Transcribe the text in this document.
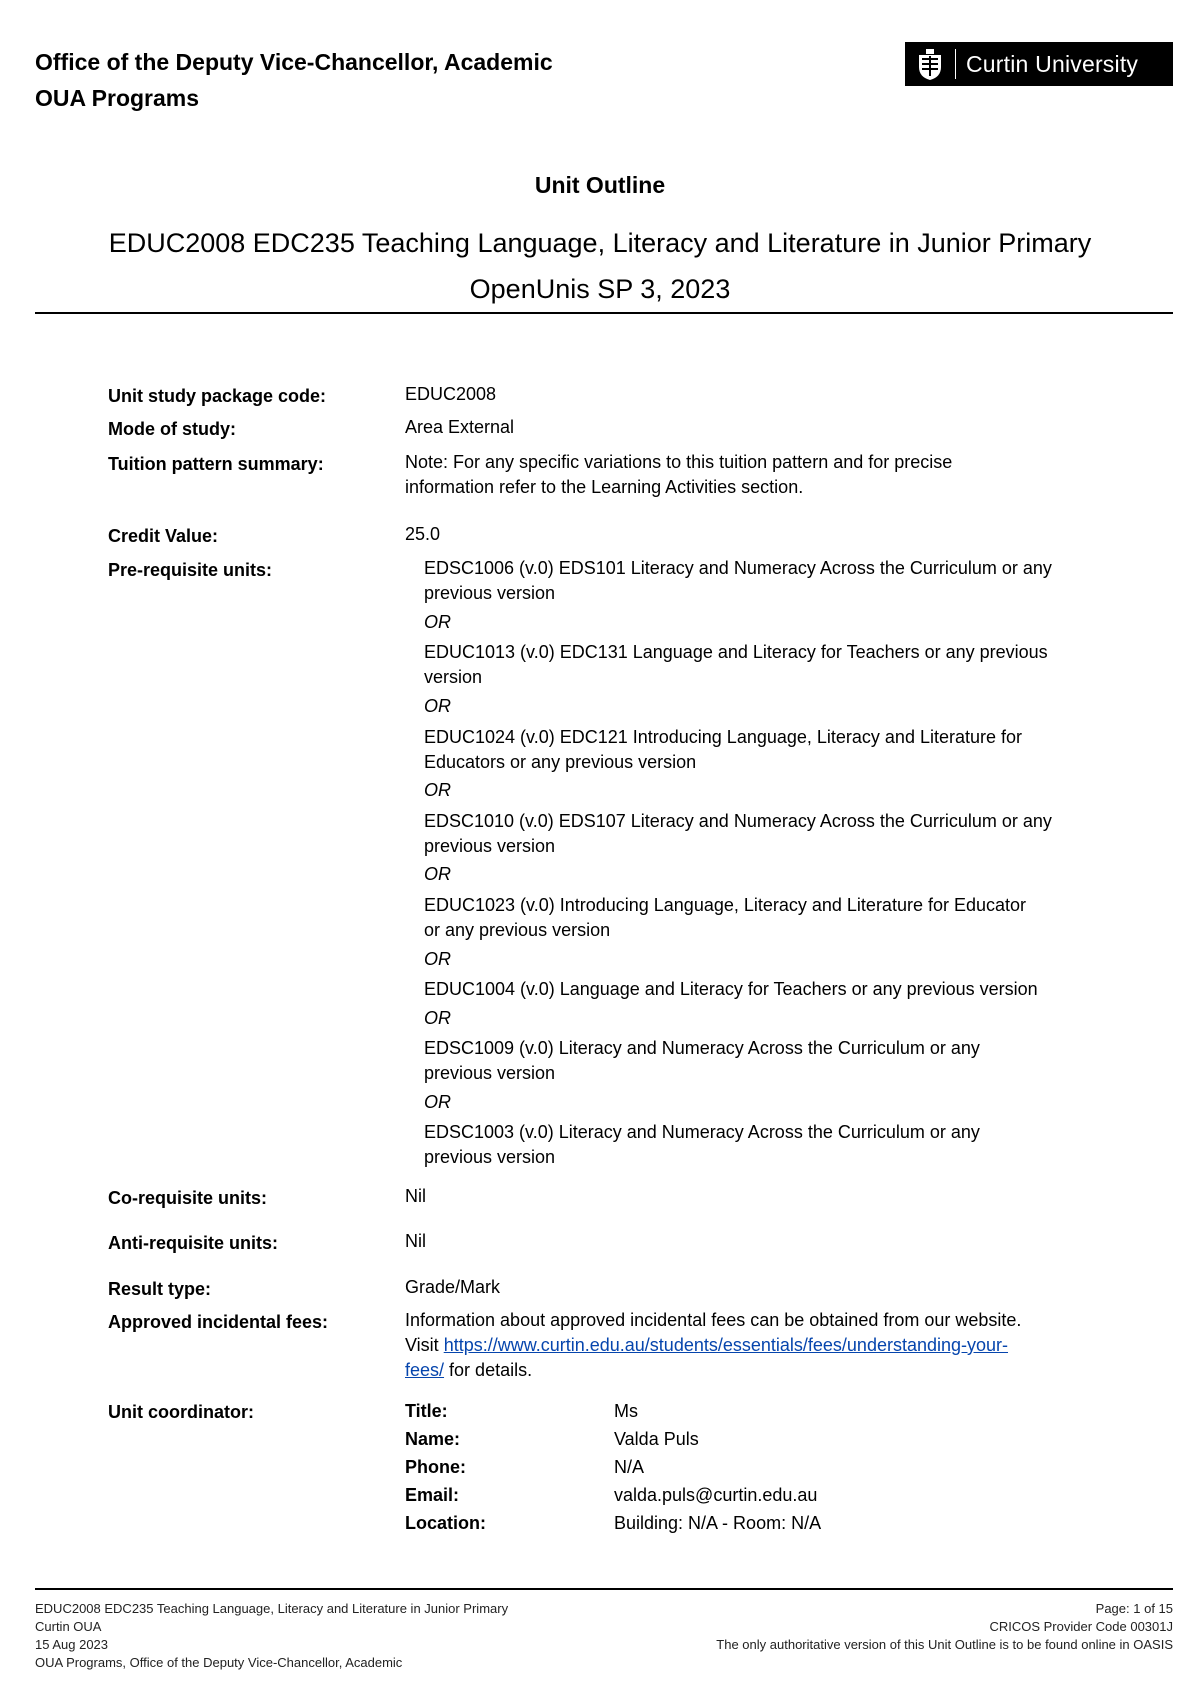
Office of the Deputy Vice-Chancellor, Academic
OUA Programs
Curtin University
Unit Outline
EDUC2008 EDC235 Teaching Language, Literacy and Literature in Junior Primary
OpenUnis SP 3, 2023
Unit study package code:	EDUC2008
Mode of study:	Area External
Tuition pattern summary:	Note: For any specific variations to this tuition pattern and for precise
information refer to the Learning Activities section.
Credit Value:	25.0
Pre-requisite units:	EDSC1006 (v.0) EDS101 Literacy and Numeracy Across the Curriculum or any
previous version
OR
EDUC1013 (v.0) EDC131 Language and Literacy for Teachers or any previous
version
OR
EDUC1024 (v.0) EDC121 Introducing Language, Literacy and Literature for
Educators or any previous version
OR
EDSC1010 (v.0) EDS107 Literacy and Numeracy Across the Curriculum or any
previous version
OR
EDUC1023 (v.0) Introducing Language, Literacy and Literature for Educator
or any previous version
OR
EDUC1004 (v.0) Language and Literacy for Teachers or any previous version
OR
EDSC1009 (v.0) Literacy and Numeracy Across the Curriculum or any
previous version
OR
EDSC1003 (v.0) Literacy and Numeracy Across the Curriculum or any
previous version
Co-requisite units:	Nil
Anti-requisite units:	Nil
Result type:	Grade/Mark
Approved incidental fees:	Information about approved incidental fees can be obtained from our website.
Visit https://www.curtin.edu.au/students/essentials/fees/understanding-your-
fees/ for details.
Unit coordinator:	Title:	Ms
Name:	Valda Puls
Phone:	N/A
Email:	valda.puls@curtin.edu.au
Location:	Building: N/A - Room: N/A
EDUC2008 EDC235 Teaching Language, Literacy and Literature in Junior Primary
Curtin OUA
15 Aug 2023
OUA Programs, Office of the Deputy Vice-Chancellor, Academic
Page: 1 of 15
CRICOS Provider Code 00301J
The only authoritative version of this Unit Outline is to be found online in OASIS
